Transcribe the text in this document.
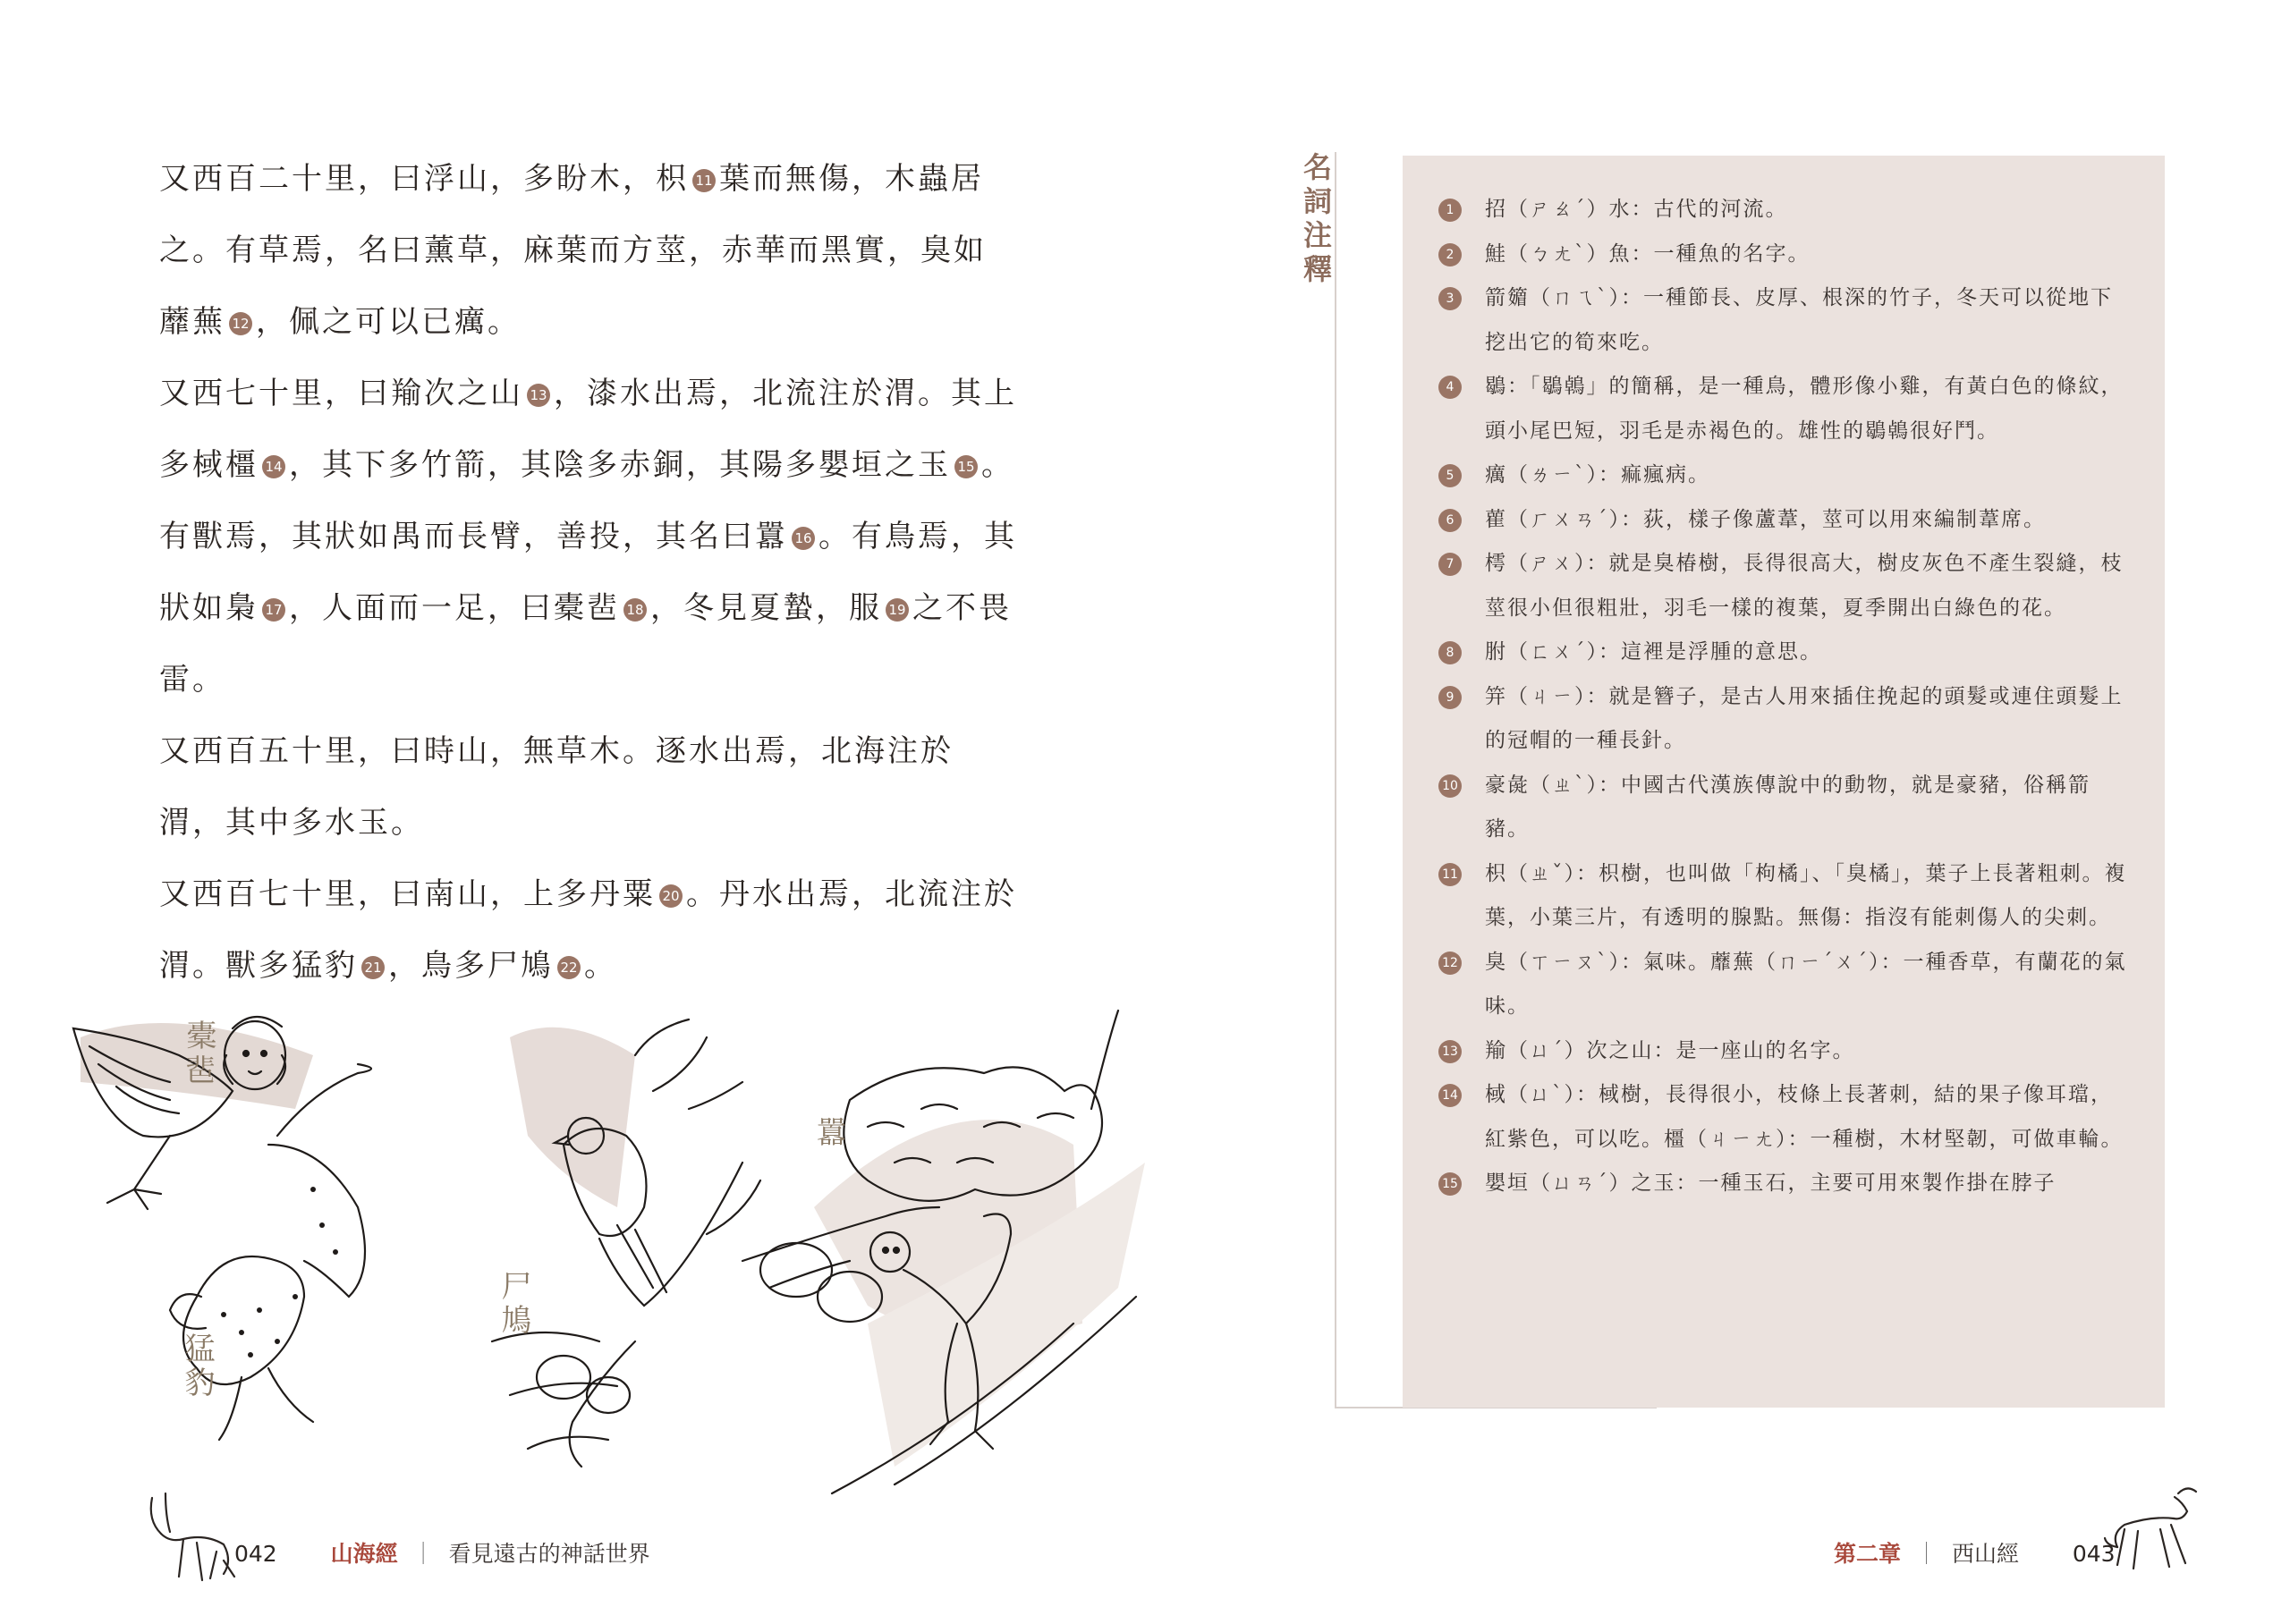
又西百二十里，曰浮山，多盼木，枳 11 葉而無傷，木蟲居之。有草焉，名曰薰草，麻葉而方莖，赤華而黑實，臭如蘼蕪 12 ，佩之可以已癘。

又西七十里，曰羭次之山 13 ，漆水出焉，北流注於渭。其上多棫橿 14 ，其下多竹箭，其陰多赤銅，其陽多嬰垣之玉 15 。有獸焉，其狀如禺而長臂，善投，其名曰囂 16 。有鳥焉，其狀如梟 17 ，人面而一足，曰橐𩇯 18 ，冬見夏蟄，服 19 之不畏雷。

又西百五十里，曰時山，無草木。逐水出焉，北海注於渭，其中多水玉。

又西百七十里，曰南山，上多丹粟 20 。丹水出焉，北流注於渭。獸多猛豹 21 ，鳥多尸鳩 22 。

橐𩇯
猛豹
尸鳩
囂
042 山海經 ｜ 看見遠古的神話世界
名詞注釋	1	招（ㄕㄠˊ）水：古代的河流。
2	鮭（ㄅㄤˋ）魚：一種魚的名字。
3	箭䉋（ㄇㄟˋ）：一種節長、皮厚、根深的竹子，冬天可以從地下挖出它的筍來吃。
4	鶡：「鶡鵫」的簡稱，是一種鳥，體形像小雞，有黃白色的條紋，頭小尾巴短，羽毛是赤褐色的。雄性的鶡鵫很好鬥。
5	癘（ㄌㄧˋ）：痲瘋病。
6	雚（ㄏㄨㄢˊ）：荻，樣子像蘆葦，莖可以用來編制葦席。
7	樗（ㄕㄨ）：就是臭椿樹，長得很高大，樹皮灰色不產生裂縫，枝莖很小但很粗壯，羽毛一樣的複葉，夏季開出白綠色的花。
8	胕（ㄈㄨˊ）：這裡是浮腫的意思。
9	笄（ㄐㄧ）：就是簪子，是古人用來插住挽起的頭髮或連住頭髮上的冠帽的一種長針。
10 豪彘（ㄓˋ）：中國古代漢族傳說中的動物，就是豪豬，俗稱箭豬。
11 枳（ㄓˇ）：枳樹，也叫做「枸橘」、「臭橘」，葉子上長著粗刺。複葉，小葉三片，有透明的腺點。無傷：指沒有能刺傷人的尖刺。
12 臭（ㄒㄧㄡˋ）：氣味。蘼蕪（ㄇㄧˊㄨˊ）：一種香草，有蘭花的氣味。
13 羭（ㄩˊ）次之山：是一座山的名字。
14 棫（ㄩˋ）：棫樹，長得很小，枝條上長著刺，結的果子像耳璫，紅紫色，可以吃。橿（ㄐㄧㄤ）：一種樹，木材堅韌，可做車輪。
15 嬰垣（ㄩㄢˊ）之玉：一種玉石，主要可用來製作掛在脖子
第二章 ｜ 西山經 043
